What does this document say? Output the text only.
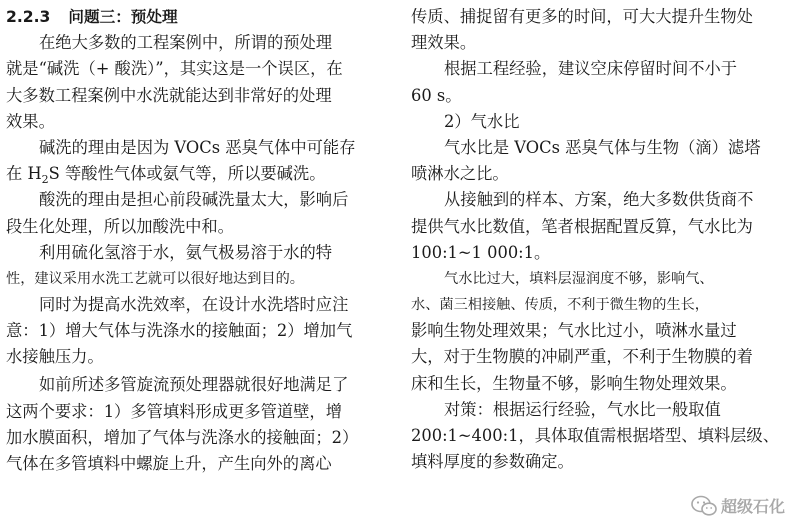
2.2.3 问题三：预处理
在绝大多数的工程案例中，所谓的预处理
就是“碱洗（+ 酸洗）”，其实这是一个误区，在
大多数工程案例中水洗就能达到非常好的处理
效果。
碱洗的理由是因为 VOCs 恶臭气体中可能存
在 $H_2S$ 等酸性气体或氨气等，所以要碱洗。
酸洗的理由是担心前段碱洗量太大，影响后
段生化处理，所以加酸洗中和。
利用硫化氢溶于水，氨气极易溶于水的特
性，建议采用水洗工艺就可以很好地达到目的。
同时为提高水洗效率，在设计水洗塔时应注
意：1）增大气体与洗涤水的接触面；2）增加气
水接触压力。
如前所述多管旋流预处理器就很好地满足了
这两个要求：1）多管填料形成更多管道壁，增
加水膜面积，增加了气体与洗涤水的接触面；2）
气体在多管填料中螺旋上升，产生向外的离心
传质、捕捉留有更多的时间，可大大提升生物处
理效果。
根据工程经验，建议空床停留时间不小于
60 s。
2）气水比
气水比是 VOCs 恶臭气体与生物（滴）滤塔
喷淋水之比。
从接触到的样本、方案，绝大多数供货商不
提供气水比数值，笔者根据配置反算，气水比为
100:1~1 000:1。
气水比过大，填料层湿润度不够，影响气、
水、菌三相接触、传质，不利于微生物的生长，
影响生物处理效果；气水比过小，喷淋水量过
大，对于生物膜的冲刷严重，不利于生物膜的着
床和生长，生物量不够，影响生物处理效果。
对策：根据运行经验，气水比一般取值
200:1~400:1，具体取值需根据塔型、填料层级、
填料厚度的参数确定。
超级石化
